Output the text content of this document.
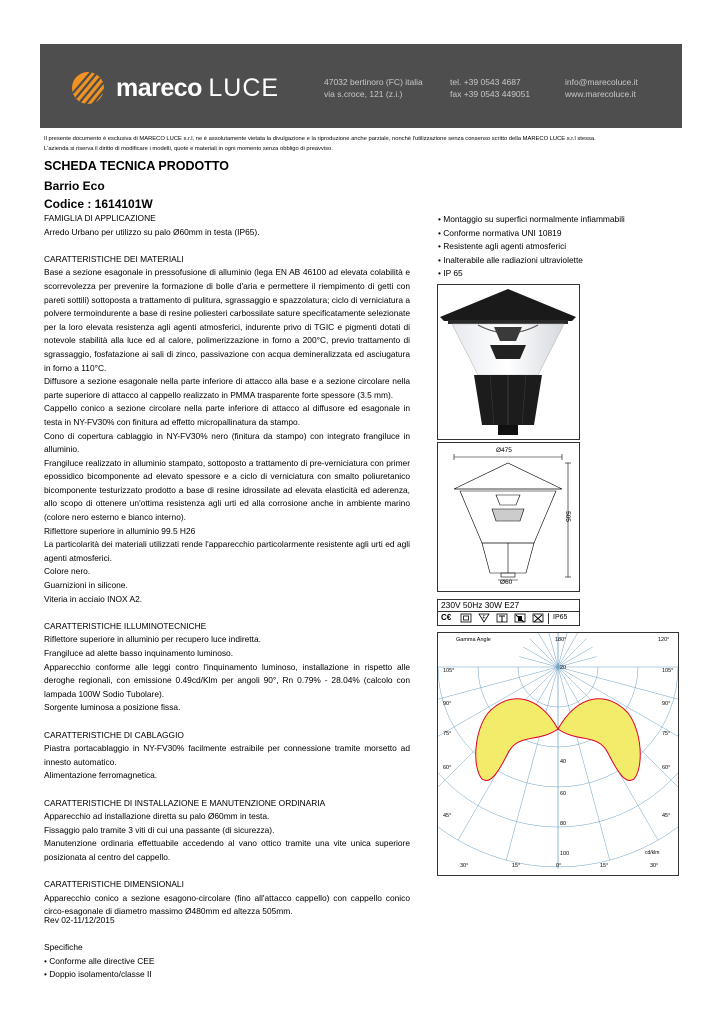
mareco LUCE	47032 bertinoro (FC) italia
via s.croce, 121 (z.i.)
tel. +39 0543 4687
fax +39 0543 449051
info@marecoluce.it
www.marecoluce.it
Il presente documento è esclusiva di MARECO LUCE s.r.l, ne è assolutamente vietata la divulgazione e la riproduzione anche parziale, nonchè l'utilizzazione senza consenso scritto della MARECO LUCE s.r.l stessa.
L'azienda si riserva il diritto di modificare i modelli, quote e materiali in ogni momento senza obbligo di preavviso.
SCHEDA TECNICA PRODOTTO
Barrio Eco
Codice : 1614101W

FAMIGLIA DI APPLICAZIONE

Arredo Urbano per utilizzo su palo Ø60mm in testa (IP65).

CARATTERISTICHE DEI MATERIALI

Base a sezione esagonale in pressofusione di alluminio (lega EN AB 46100 ad elevata colabilità e scorrevolezza per prevenire la formazione di bolle d'aria e permettere il riempimento di getti con pareti sottili) sottoposta a trattamento di pulitura, sgrassaggio e spazzolatura; ciclo di verniciatura a polvere termoindurente a base di resine poliesteri carbossilate sature specificatamente selezionate per la loro elevata resistenza agli agenti atmosferici, indurente privo di TGIC e pigmenti dotati di notevole stabilità alla luce ed al calore, polimerizzazione in forno a 200°C, previo trattamento di sgrassaggio, fosfatazione ai sali di zinco, passivazione con acqua demineralizzata ed asciugatura in forno a 110°C.

Diffusore a sezione esagonale nella parte inferiore di attacco alla base e a sezione circolare nella parte superiore di attacco al cappello realizzato in PMMA trasparente forte spessore (3.5 mm).

Cappello conico a sezione circolare nella parte inferiore di attacco al diffusore ed esagonale in testa in NY-FV30% con finitura ad effetto micropallinatura da stampo.

Cono di copertura cablaggio in NY-FV30% nero (finitura da stampo) con integrato frangiluce in alluminio.

Frangiluce realizzato in alluminio stampato, sottoposto a trattamento di pre-verniciatura con primer epossidico bicomponente ad elevato spessore e a ciclo di verniciatura con smalto poliuretanico bicomponente testurizzato prodotto a base di resine idrossilate ad elevata elasticità ed aderenza, allo scopo di ottenere un'ottima resistenza agli urti ed alla corrosione anche in ambiente marino (colore nero esterno e bianco interno).

Riflettore superiore in alluminio 99.5 H26

La particolarità dei materiali utilizzati rende l'apparecchio particolarmente resistente agli urti ed agli agenti atmosferici.

Colore nero.

Guarnizioni in silicone.

Viteria in acciaio INOX A2.

CARATTERISTICHE ILLUMINOTECNICHE

Riflettore superiore in alluminio per recupero luce indiretta.

Frangiluce ad alette basso inquinamento luminoso.

Apparecchio conforme alle leggi contro l'inquinamento luminoso, installazione in rispetto alle deroghe regionali, con emissione 0.49cd/Klm per angoli 90°, Rn 0.79% - 28.04% (calcolo con lampada 100W Sodio Tubolare).

Sorgente luminosa a posizione fissa.

CARATTERISTICHE DI CABLAGGIO

Piastra portacablaggio in NY-FV30% facilmente estraibile per connessione tramite morsetto ad innesto automatico.

Alimentazione ferromagnetica.

CARATTERISTICHE DI INSTALLAZIONE E MANUTENZIONE ORDINARIA

Apparecchio ad installazione diretta su palo Ø60mm in testa.

Fissaggio palo tramite 3 viti di cui una passante (di sicurezza).

Manutenzione ordinaria effettuabile accedendo al vano ottico tramite una vite unica superiore posizionata al centro del cappello.

CARATTERISTICHE DIMENSIONALI

Apparecchio conico a sezione esagono-circolare (fino all'attacco cappello) con cappello conico circo-esagonale di diametro massimo Ø480mm ed altezza 505mm.

• Montaggio su superfici normalmente infiammabili
• Conforme normativa UNI 10819
• Resistente agli agenti atmosferici
• Inalterabile alle radiazioni ultraviolette
• IP 65
Ø475
505
Ø60
230V 50Hz 30W E27
C€	F	IP65
Gamma Angle	180°	120°
105°
90°
75°
60°
45°
105°
90°
75°
60°
45°
20
40
60
80
100
30°	15°	0°	15°	30°
cd/klm

Rev 02-11/12/2015

Specifiche

• Conforme alle directive CEE

• Doppio isolamento/classe II
